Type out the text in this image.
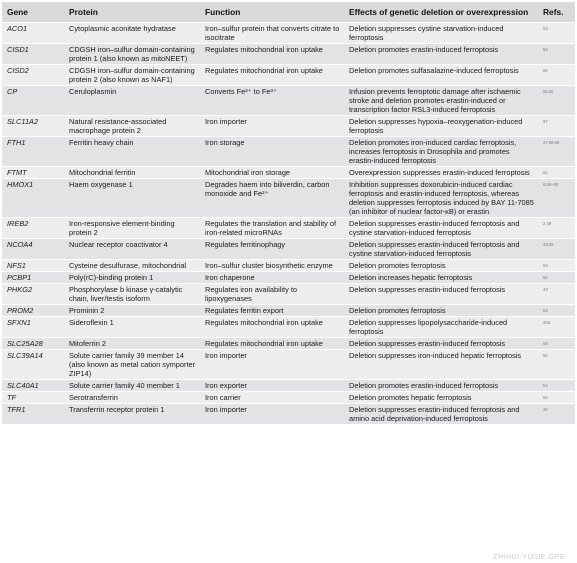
Gene	Protein	Function	Effects of genetic deletion or overexpression	Refs.
ACO1	Cytoplasmic aconitate hydratase	Iron–sulfur protein that converts citrate to isocitrate	Deletion suppresses cystine starvation-induced ferroptosis	53
CISD1	CDGSH iron–sulfur domain-containing protein 1 (also known as mitoNEET)	Regulates mitochondrial iron uptake	Deletion promotes erastin-induced ferroptosis	64
CISD2	CDGSH iron–sulfur domain-containing protein 2 (also known as NAF1)	Regulates mitochondrial iron uptake	Deletion promotes sulfasalazine-induced ferroptosis	65
CP	Ceruloplasmin	Converts Fe²⁺ to Fe³⁺	Infusion prevents ferroptotic damage after ischaemic stroke and deletion promotes erastin-induced or transcription factor RSL3-induced ferroptosis	55,56
SLC11A2	Natural resistance-associated macrophage protein 2	Iron importer	Deletion suppresses hypoxia–reoxygenation-induced ferroptosis	67
FTH1	Ferritin heavy chain	Iron storage	Deletion promotes iron-induced cardiac ferroptosis, increases ferroptosis in Drosophila and promotes erastin-induced ferroptosis	27,68,69
FTMT	Mitochondrial ferritin	Mitochondrial iron storage	Overexpression suppresses erastin-induced ferroptosis	62
HMOX1	Haem oxygenase 1	Degrades haem into biliverdin, carbon monoxide and Fe²⁺	Inhibition suppresses doxorubicin-induced cardiac ferroptosis and erastin-induced ferroptosis, whereas deletion suppresses ferroptosis induced by BAY 11-7085 (an inhibitor of nuclear factor-κB) or erastin	6,56–58
IREB2	Iron-responsive element-binding protein 2	Regulates the translation and stability of iron-related microRNAs	Deletion suppresses erastin-induced ferroptosis and cystine starvation-induced ferroptosis	2,49
NCOA4	Nuclear receptor coactivator 4	Regulates ferritinophagy	Deletion suppresses erastin-induced ferroptosis and cystine starvation-induced ferroptosis	49,59
NFS1	Cysteine desulfurase, mitochondrial	Iron–sulfur cluster biosynthetic enzyme	Deletion promotes ferroptosis	63
PCBP1	Poly(rC)-binding protein 1	Iron chaperone	Deletion increases hepatic ferroptosis	52
PHKG2	Phosphorylase b kinase γ-catalytic chain, liver/testis isoform	Regulates iron availability to lipoxygenases	Deletion suppresses erastin-induced ferroptosis	43
PROM2	Prominin 2	Regulates ferritin export	Deletion promotes ferroptosis	53
SFXN1	Sideroflexin 1	Regulates mitochondrial iron uptake	Deletion suppresses lipopolysaccharide-induced ferroptosis	208
SLC25A28	Mitoferrin 2	Regulates mitochondrial iron uptake	Deletion suppresses erastin-induced ferroptosis	58
SLC39A14	Solute carrier family 39 member 14 (also known as metal cation symporter ZIP14)	Iron importer	Deletion suppresses iron-induced hepatic ferroptosis	62
SLC40A1	Solute carrier family 40 member 1	Iron exporter	Deletion promotes erastin-induced ferroptosis	54
TF	Serotransferrin	Iron carrier	Deletion promotes hepatic ferroptosis	62
TFR1	Transferrin receptor protein 1	Iron importer	Deletion suppresses erastin-induced ferroptosis and amino acid deprivation-induced ferroptosis	46
ZHIHUI·YIXUE·GPE
